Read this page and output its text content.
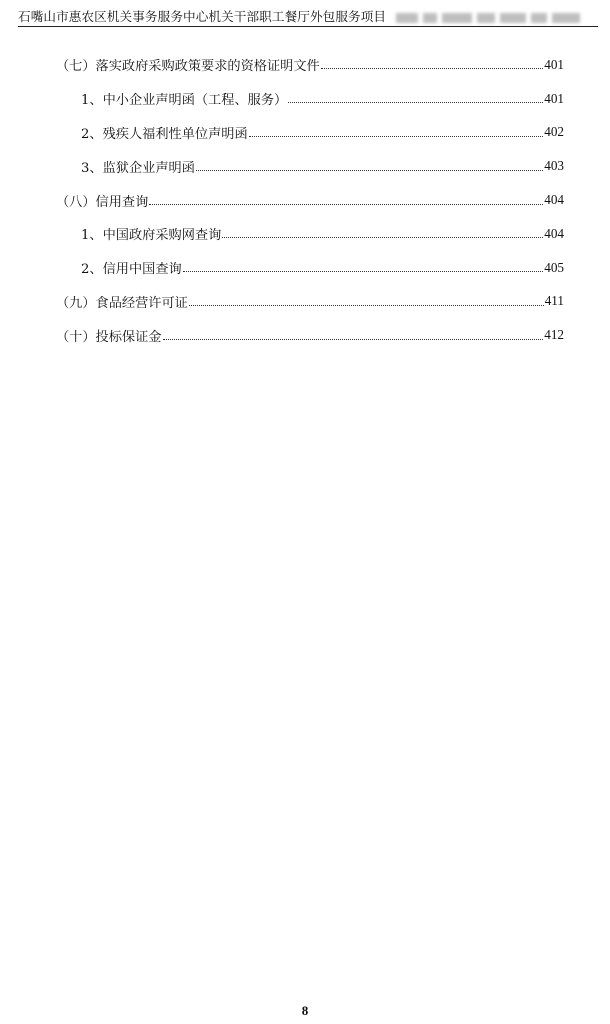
石嘴山市惠农区机关事务服务中心机关干部职工餐厅外包服务项目
（七）落实政府采购政策要求的资格证明文件	401
1、中小企业声明函（工程、服务）	401
2、残疾人福利性单位声明函	402
3、监狱企业声明函	403
（八）信用查询	404
1、中国政府采购网查询	404
2、信用中国查询	405
（九）食品经营许可证	411
（十）投标保证金	412
8
